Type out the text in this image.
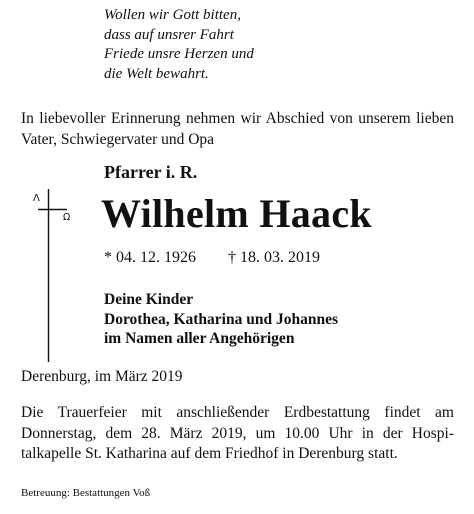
Wollen wir Gott bitten,
dass auf unsrer Fahrt
Friede unsre Herzen und
die Welt bewahrt.
In liebevoller Erinnerung nehmen wir Abschied von unserem lieben Vater, Schwiegervater und Opa
Λ
Ω
Pfarrer i. R.
Wilhelm Haack
* 04. 12. 1926 † 18. 03. 2019
Deine Kinder
Dorothea, Katharina und Johannes
im Namen aller Angehörigen
Derenburg, im März 2019
Die Trauerfeier mit anschließender Erdbestattung findet am
Donnerstag, dem 28. März 2019, um 10.00 Uhr in der Hospi-
talkapelle St. Katharina auf dem Friedhof in Derenburg statt.
Betreuung: Bestattungen Voß
